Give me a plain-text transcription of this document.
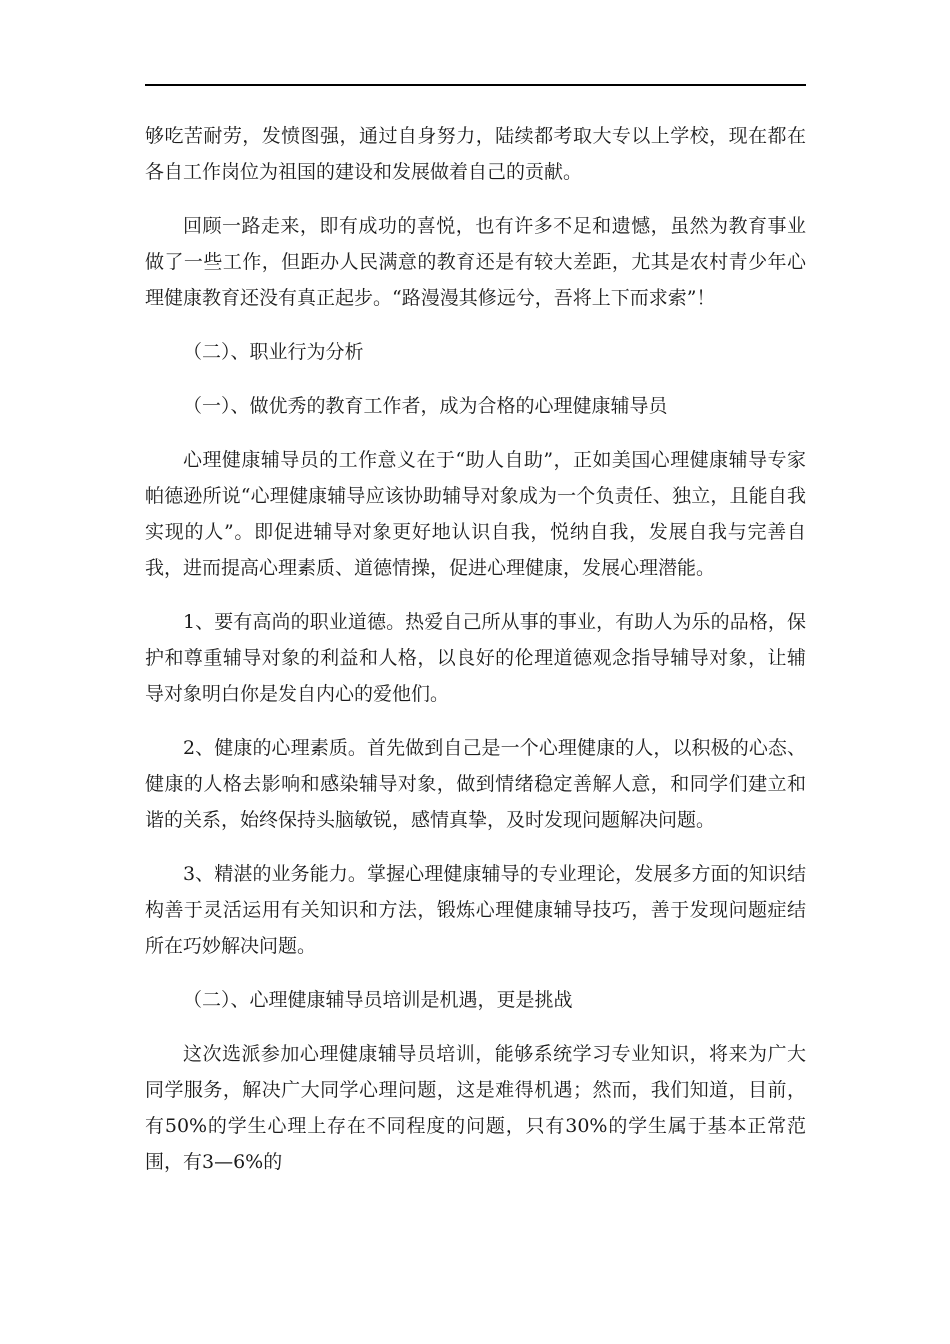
够吃苦耐劳，发愤图强，通过自身努力，陆续都考取大专以上学校，现在都在各自工作岗位为祖国的建设和发展做着自己的贡献。

回顾一路走来，即有成功的喜悦，也有许多不足和遗憾，虽然为教育事业做了一些工作，但距办人民满意的教育还是有较大差距，尤其是农村青少年心理健康教育还没有真正起步。“路漫漫其修远兮，吾将上下而求索”！

（二）、职业行为分析

（一）、做优秀的教育工作者，成为合格的心理健康辅导员

心理健康辅导员的工作意义在于“助人自助”，正如美国心理健康辅导专家帕德逊所说“心理健康辅导应该协助辅导对象成为一个负责任、独立，且能自我实现的人”。即促进辅导对象更好地认识自我，悦纳自我，发展自我与完善自我，进而提高心理素质、道德情操，促进心理健康，发展心理潜能。

1、要有高尚的职业道德。热爱自己所从事的事业，有助人为乐的品格，保护和尊重辅导对象的利益和人格，以良好的伦理道德观念指导辅导对象，让辅导对象明白你是发自内心的爱他们。

2、健康的心理素质。首先做到自己是一个心理健康的人，以积极的心态、健康的人格去影响和感染辅导对象，做到情绪稳定善解人意，和同学们建立和谐的关系，始终保持头脑敏锐，感情真挚，及时发现问题解决问题。

3、精湛的业务能力。掌握心理健康辅导的专业理论，发展多方面的知识结构善于灵活运用有关知识和方法，锻炼心理健康辅导技巧，善于发现问题症结所在巧妙解决问题。

（二）、心理健康辅导员培训是机遇，更是挑战

这次选派参加心理健康辅导员培训，能够系统学习专业知识，将来为广大同学服务，解决广大同学心理问题，这是难得机遇；然而，我们知道，目前，有50%的学生心理上存在不同程度的问题，只有30%的学生属于基本正常范围，有3—6%的
